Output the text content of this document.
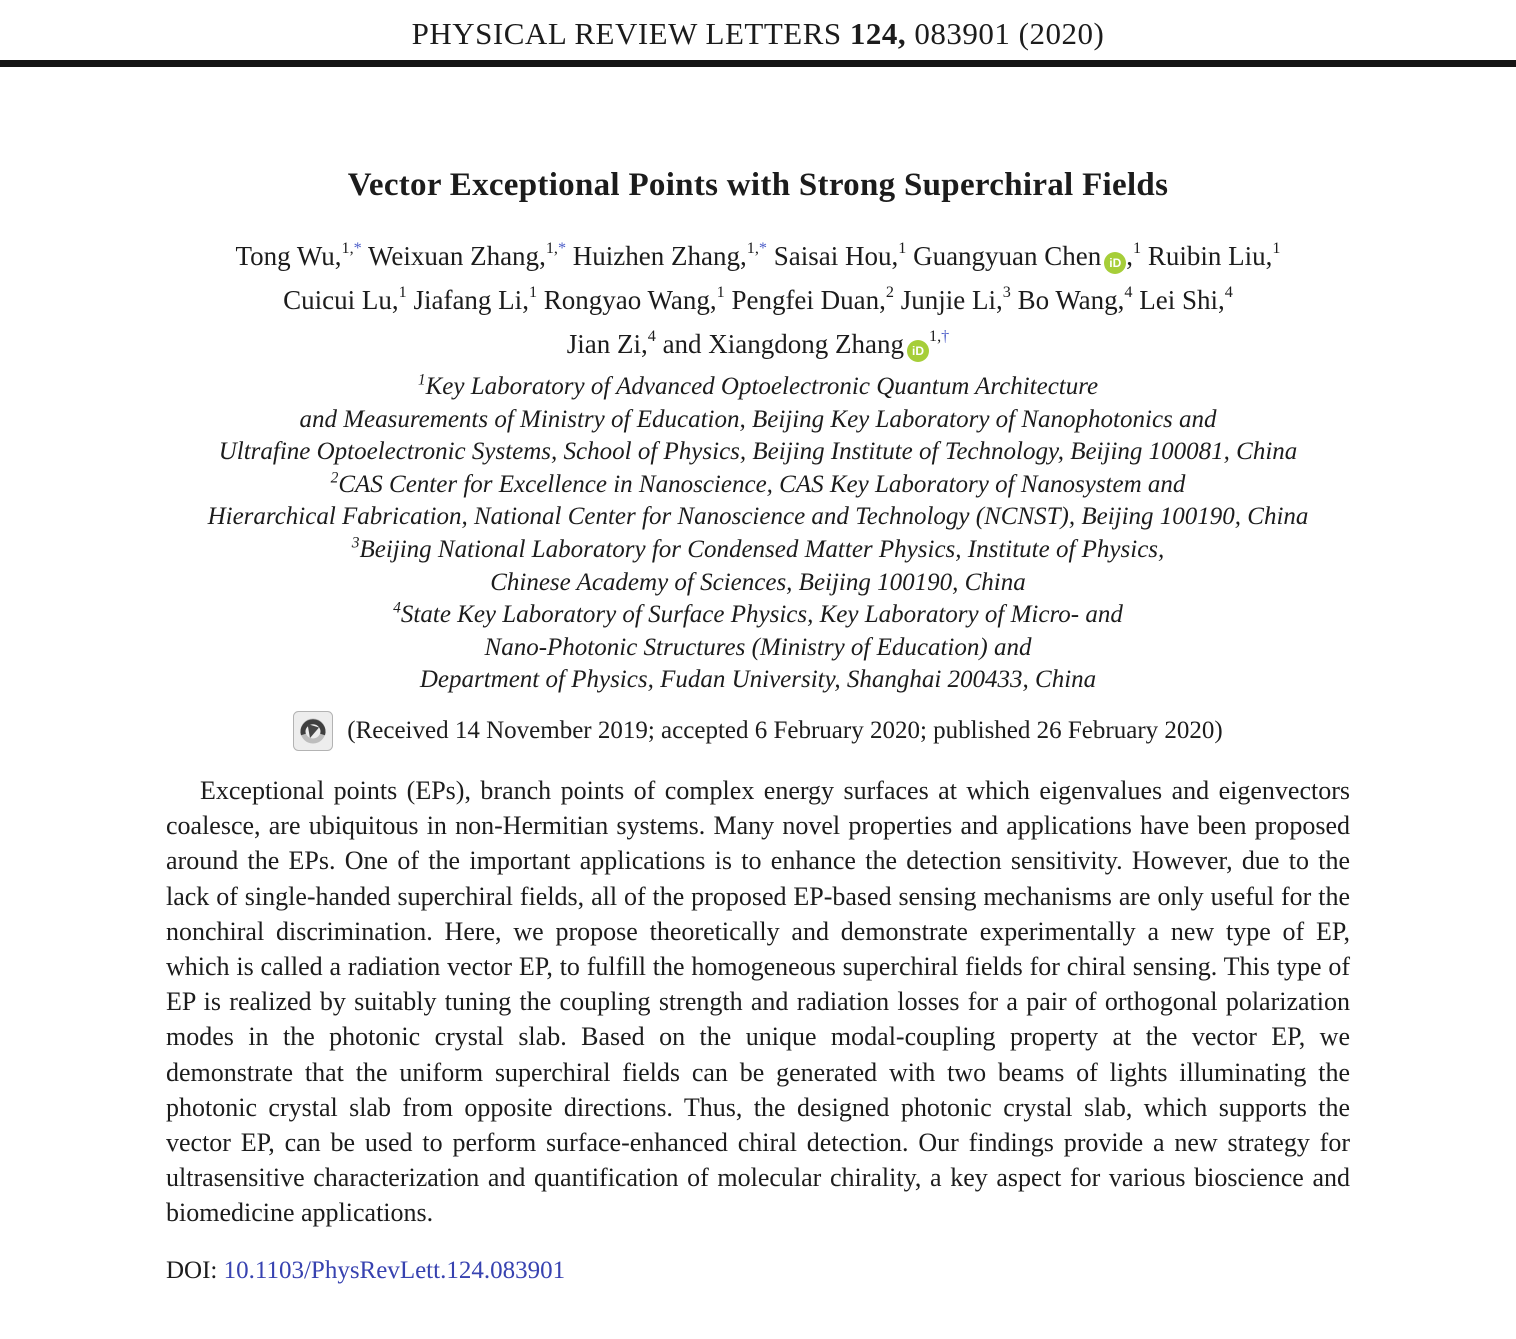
PHYSICAL REVIEW LETTERS 124, 083901 (2020)
Vector Exceptional Points with Strong Superchiral Fields
Tong Wu,$^{1,*}$ Weixuan Zhang,$^{1,*}$ Huizhen Zhang,$^{1,*}$ Saisai Hou,$^1$ Guangyuan Chen iD ,$^1$ Ruibin Liu,$^1$
Cuicui Lu,$^1$ Jiafang Li,$^1$ Rongyao Wang,$^1$ Pengfei Duan,$^2$ Junjie Li,$^3$ Bo Wang,$^4$ Lei Shi,$^4$
Jian Zi,$^4$ and Xiangdong Zhang $iD^{1,\dagger}$
$^1$Key Laboratory of Advanced Optoelectronic Quantum Architecture
and Measurements of Ministry of Education, Beijing Key Laboratory of Nanophotonics and
Ultrafine Optoelectronic Systems, School of Physics, Beijing Institute of Technology, Beijing 100081, China
$^2$CAS Center for Excellence in Nanoscience, CAS Key Laboratory of Nanosystem and
Hierarchical Fabrication, National Center for Nanoscience and Technology (NCNST), Beijing 100190, China
$^3$Beijing National Laboratory for Condensed Matter Physics, Institute of Physics,
Chinese Academy of Sciences, Beijing 100190, China
$^4$State Key Laboratory of Surface Physics, Key Laboratory of Micro- and
Nano-Photonic Structures (Ministry of Education) and
Department of Physics, Fudan University, Shanghai 200433, China
(Received 14 November 2019; accepted 6 February 2020; published 26 February 2020)

Exceptional points (EPs), branch points of complex energy surfaces at which eigenvalues and eigenvectors coalesce, are ubiquitous in non-Hermitian systems. Many novel properties and applications have been proposed around the EPs. One of the important applications is to enhance the detection sensitivity. However, due to the lack of single-handed superchiral fields, all of the proposed EP-based sensing mechanisms are only useful for the nonchiral discrimination. Here, we propose theoretically and demonstrate experimentally a new type of EP, which is called a radiation vector EP, to fulfill the homogeneous superchiral fields for chiral sensing. This type of EP is realized by suitably tuning the coupling strength and radiation losses for a pair of orthogonal polarization modes in the photonic crystal slab. Based on the unique modal-coupling property at the vector EP, we demonstrate that the uniform superchiral fields can be generated with two beams of lights illuminating the photonic crystal slab from opposite directions. Thus, the designed photonic crystal slab, which supports the vector EP, can be used to perform surface-enhanced chiral detection. Our findings provide a new strategy for ultrasensitive characterization and quantification of molecular chirality, a key aspect for various bioscience and biomedicine applications.

DOI: 10.1103/PhysRevLett.124.083901
